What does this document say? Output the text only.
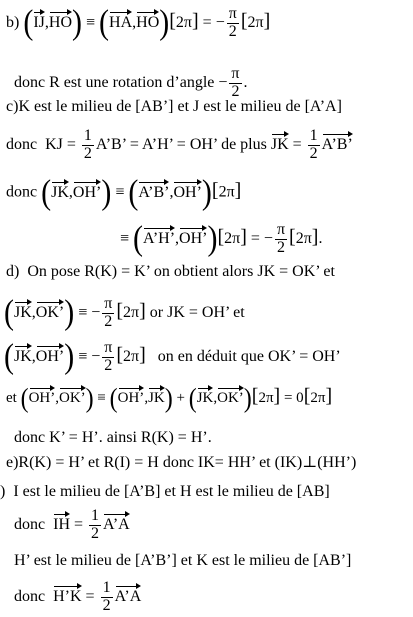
b) (IJ,HO) ≡ (HA,HO)[2π] = − $\frac{\pi}{2} [2\pi]$
donc R est une rotation d’angle − $\frac{\pi}{2}$ .
c)K est le milieu de [AB’] et J est le milieu de [A’A]
donc KJ = $\frac{1}{2}$ A’B’ = A’H’ = OH’ de plus JK = $\frac{1}{2}$ A’B’
donc (JK,OH’) ≡ (A’B’,OH’)[2π]
≡ (A’H’,OH’)[2π] = − $\frac{\pi}{2} [2\pi]$.
d) On pose R(K) = K’ on obtient alors JK = OK’ et
(JK,OK’) ≡ − $\frac{\pi}{2} [2\pi]$ or JK = OH’ et
(JK,OH’) ≡ − $\frac{\pi}{2} [2\pi]$ on en déduit que OK’ = OH’
et (OH’,OK’) ≡ (OH’,JK) + (JK,OK’)[2π] = 0[2π]
donc K’ = H’. ainsi R(K) = H’.
e)R(K) = H’ et R(I) = H donc IK= HH’ et (IK)⊥(HH’)
) I est le milieu de [A’B] et H est le milieu de [AB]
donc IH = $\frac{1}{2}$ A’A
H’ est le milieu de [A’B’] et K est le milieu de [AB’]
donc H’K = $\frac{1}{2}$ A’A
